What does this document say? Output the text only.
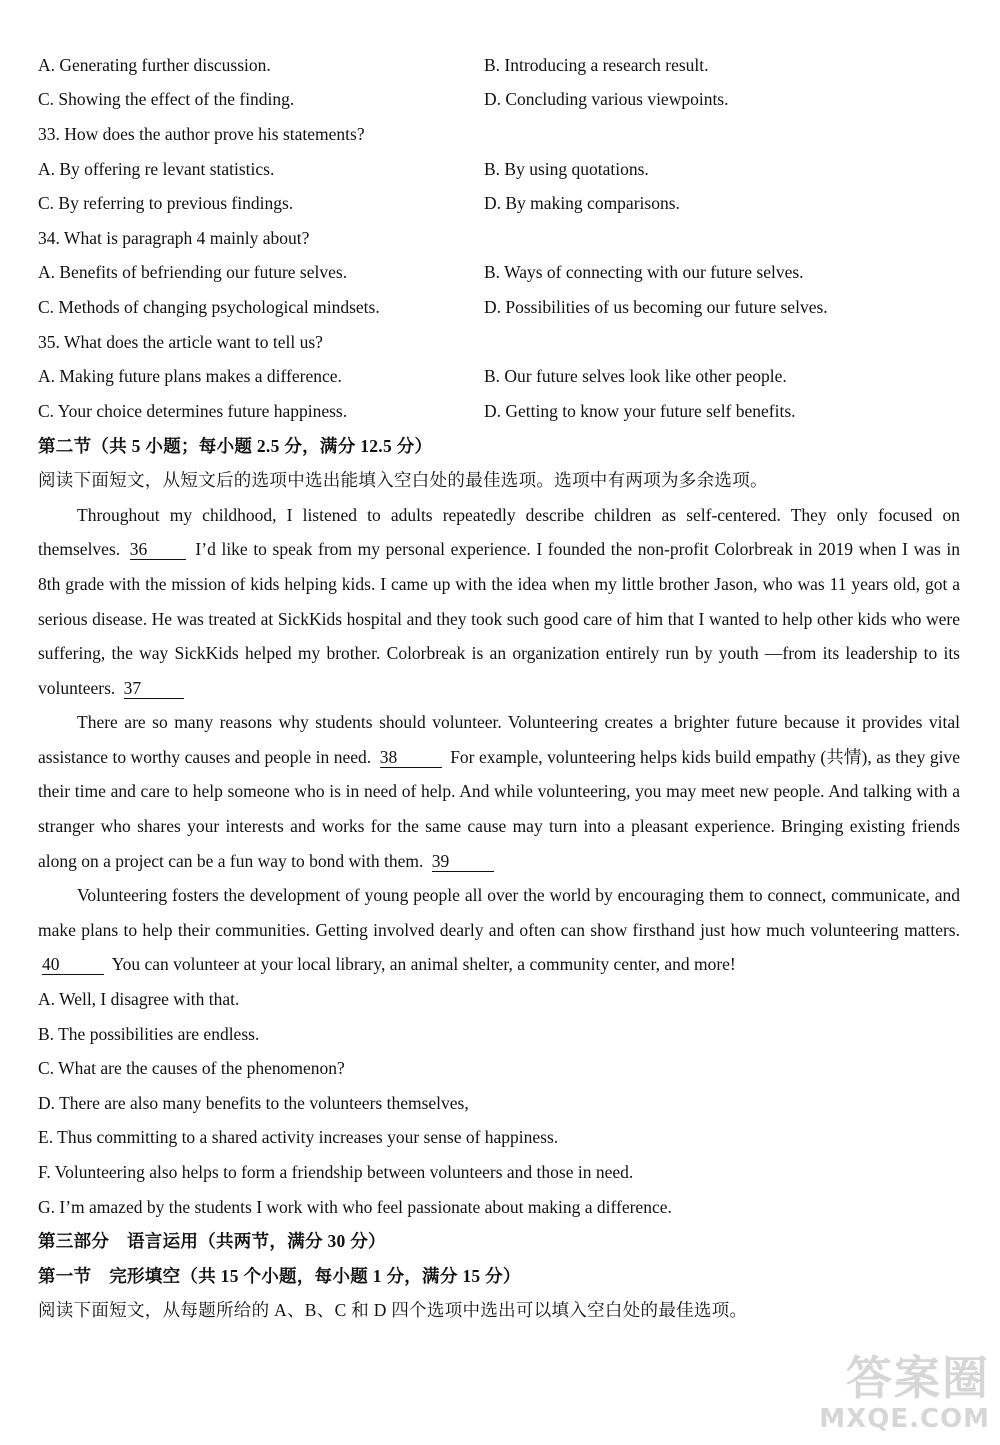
A. Generating further discussion.	B. Introducing a research result.
C. Showing the effect of the finding.	D. Concluding various viewpoints.
33. How does the author prove his statements?
A. By offering re levant statistics.	B. By using quotations.
C. By referring to previous findings.	D. By making comparisons.
34. What is paragraph 4 mainly about?
A. Benefits of befriending our future selves.	B. Ways of connecting with our future selves.
C. Methods of changing psychological mindsets.	D. Possibilities of us becoming our future selves.
35. What does the article want to tell us?
A. Making future plans makes a difference.	B. Our future selves look like other people.
C. Your choice determines future happiness.	D. Getting to know your future self benefits.
第二节（共 5 小题；每小题 2.5 分，满分 12.5 分）
阅读下面短文，从短文后的选项中选出能填入空白处的最佳选项。选项中有两项为多余选项。

Throughout my childhood, I listened to adults repeatedly describe children as self-centered. They only focused on themselves. 36	I’d like to speak from my personal experience. I founded the non-profit Colorbreak in 2019 when I was in 8th grade with the mission of kids helping kids. I came up with the idea when my little brother Jason, who was 11 years old, got a serious disease. He was treated at SickKids hospital and they took such good care of him that I wanted to help other kids who were suffering, the way SickKids helped my brother. Colorbreak is an organization entirely run by youth —from its leadership to its volunteers. 37

There are so many reasons why students should volunteer. Volunteering creates a brighter future because it provides vital assistance to worthy causes and people in need. 38	For example, volunteering helps kids build empathy (共情), as they give their time and care to help someone who is in need of help. And while volunteering, you may meet new people. And talking with a stranger who shares your interests and works for the same cause may turn into a pleasant experience. Bringing existing friends along on a project can be a fun way to bond with them. 39

Volunteering fosters the development of young people all over the world by encouraging them to connect, communicate, and make plans to help their communities. Getting involved dearly and often can show firsthand just how much volunteering matters. 40	You can volunteer at your local library, an animal shelter, a community center, and more!

A. Well, I disagree with that.
B. The possibilities are endless.
C. What are the causes of the phenomenon?
D. There are also many benefits to the volunteers themselves,
E. Thus committing to a shared activity increases your sense of happiness.
F. Volunteering also helps to form a friendship between volunteers and those in need.
G. I’m amazed by the students I work with who feel passionate about making a difference.
第三部分　语言运用（共两节，满分 30 分）
第一节　完形填空（共 15 个小题，每小题 1 分，满分 15 分）
阅读下面短文，从每题所给的 A、B、C 和 D 四个选项中选出可以填入空白处的最佳选项。
答案圈
MXQE.COM
